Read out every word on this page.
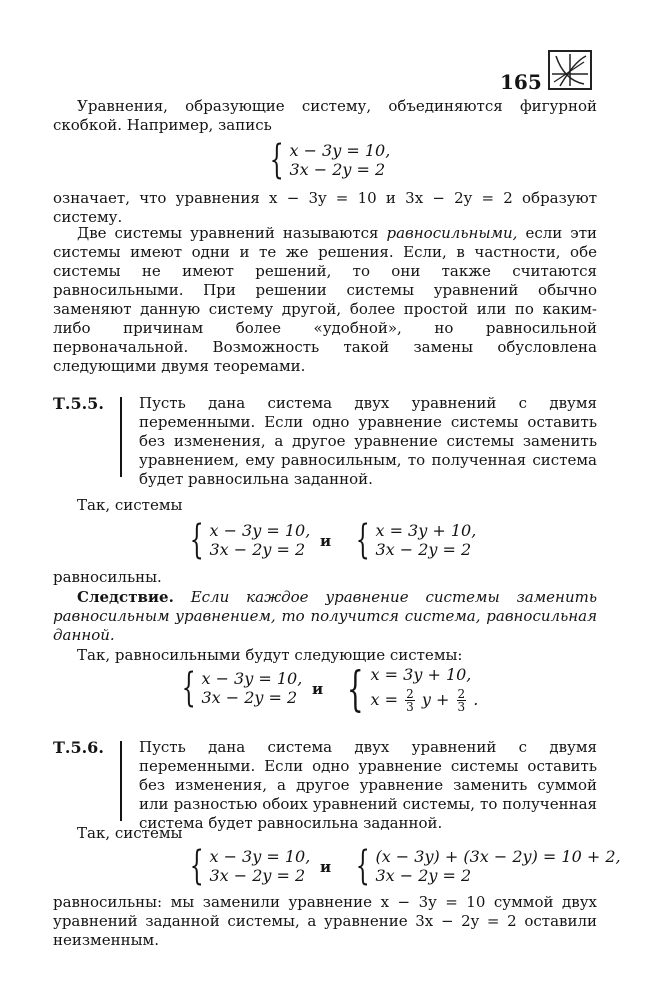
165

Уравнения, образующие систему, объединяются фигурной скобкой. Например, запись

{ x − 3y = 10,
3x − 2y = 2

означает, что уравнения x − 3y = 10 и 3x − 2y = 2 образуют систему.

Две системы уравнений называются равносильными, если эти системы имеют одни и те же решения. Если, в частности, обе системы не имеют решений, то они также считаются равносильными. При решении системы уравнений обычно заменяют данную систему другой, более простой или по каким-либо причинам более «удобной», но равносильной первоначальной. Возможность такой замены обусловлена следующими двумя теоремами.

Т.5.5. Пусть дана система двух уравнений с двумя переменными. Если одно уравнение системы оставить без изменения, а другое уравнение системы заменить уравнением, ему равносильным, то полученная система будет равносильна заданной.

Так, системы

{ x − 3y = 10,
3x − 2y = 2 и { x = 3y + 10,
3x − 2y = 2

равносильны.

Следствие. Если каждое уравнение системы заменить равносильным уравнением, то получится система, равносильная данной.

Так, равносильными будут следующие системы:

{ x − 3y = 10,
3x − 2y = 2 и { x = 3y + 10,
$x = \frac{2}{3}$ $y + \frac{2}{3}$ .
Т.5.6. Пусть дана система двух уравнений с двумя переменными. Если одно уравнение системы оставить без изменения, а другое уравнение заменить суммой или разностью обоих уравнений системы, то полученная система будет равносильна заданной.

Так, системы

{ x − 3y = 10,
3x − 2y = 2 и { (x − 3y) + (3x − 2y) = 10 + 2,
3x − 2y = 2

равносильны: мы заменили уравнение x − 3y = 10 суммой двух уравнений заданной системы, а уравнение 3x − 2y = 2 оставили неизменным.
